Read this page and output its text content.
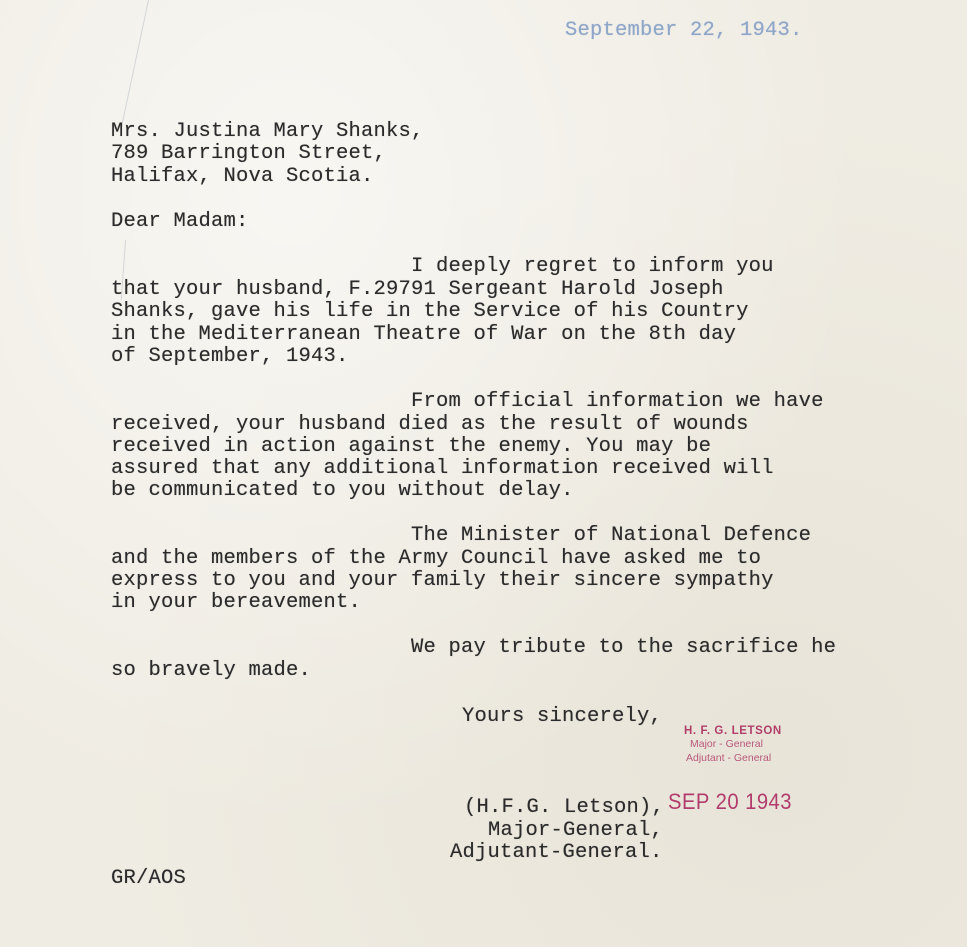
September 22, 1943.
Mrs. Justina Mary Shanks,
789 Barrington Street,
Halifax, Nova Scotia.
Dear Madam:
I deeply regret to inform you
that your husband, F.29791 Sergeant Harold Joseph
Shanks, gave his life in the Service of his Country
in the Mediterranean Theatre of War on the 8th day
of September, 1943.
From official information we have
received, your husband died as the result of wounds
received in action against the enemy. You may be
assured that any additional information received will
be communicated to you without delay.
The Minister of National Defence
and the members of the Army Council have asked me to
express to you and your family their sincere sympathy
in your bereavement.
We pay tribute to the sacrifice he
so bravely made.
Yours sincerely,
H. F. G. LETSON
Major - General
Adjutant - General
(H.F.G. Letson),
Major-General,
Adjutant-General.
SEP 20 1943
GR/AOS
